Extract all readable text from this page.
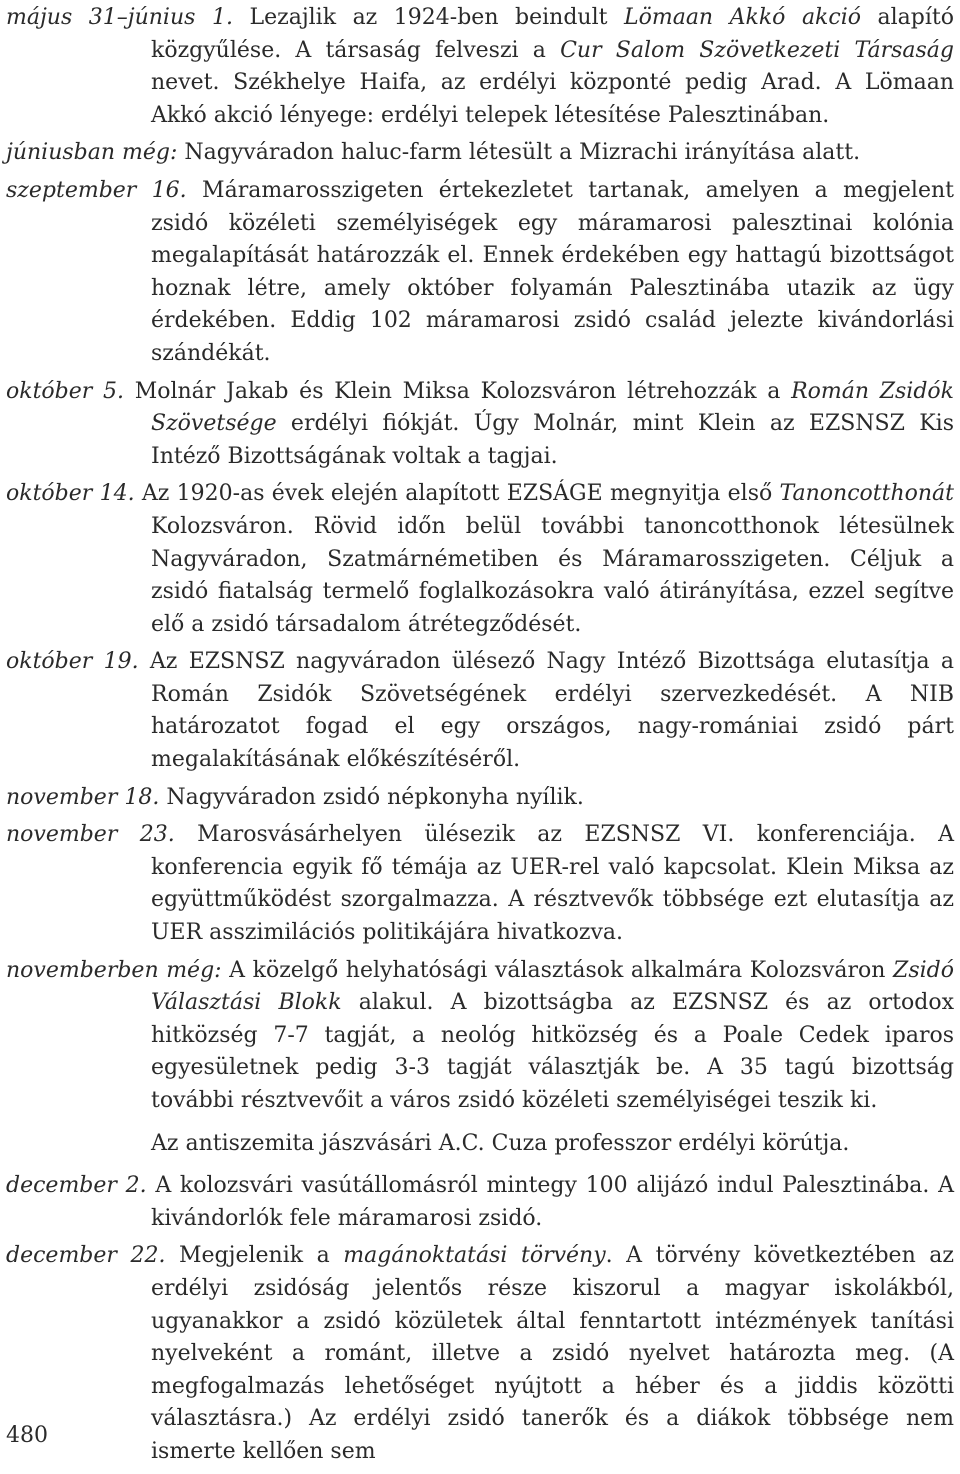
május 31–június 1. Lezajlik az 1924-ben beindult Lömaan Akkó akció alapító közgyűlése. A társaság felveszi a Cur Salom Szövetkezeti Társaság nevet. Székhelye Haifa, az erdélyi központé pedig Arad. A Lömaan Akkó akció lényege: erdélyi telepek létesítése Palesztinában.

júniusban még: Nagyváradon haluc-farm létesült a Mizrachi irányítása alatt.

szeptember 16. Máramarosszigeten értekezletet tartanak, amelyen a megjelent zsidó közéleti személyiségek egy máramarosi palesztinai kolónia megalapítását határozzák el. Ennek érdekében egy hattagú bizottságot hoznak létre, amely október folyamán Palesztinába utazik az ügy érdekében. Eddig 102 máramarosi zsidó család jelezte kivándorlási szándékát.

október 5. Molnár Jakab és Klein Miksa Kolozsváron létrehozzák a Román Zsidók Szövetsége erdélyi fiókját. Úgy Molnár, mint Klein az EZSNSZ Kis Intéző Bizottságának voltak a tagjai.

október 14. Az 1920-as évek elején alapított EZSÁGE megnyitja első Tanoncotthonát Kolozsváron. Rövid időn belül további tanoncotthonok létesülnek Nagyváradon, Szatmárnémetiben és Máramarosszigeten. Céljuk a zsidó fiatalság termelő foglalkozásokra való átirányítása, ezzel segítve elő a zsidó társadalom átrétegződését.

október 19. Az EZSNSZ nagyváradon ülésező Nagy Intéző Bizottsága elutasítja a Román Zsidók Szövetségének erdélyi szervezkedését. A NIB határozatot fogad el egy országos, nagy-romániai zsidó párt megalakításának előkészítéséről.

november 18. Nagyváradon zsidó népkonyha nyílik.

november 23. Marosvásárhelyen ülésezik az EZSNSZ VI. konferenciája. A konferencia egyik fő témája az UER-rel való kapcsolat. Klein Miksa az együttműködést szorgalmazza. A résztvevők többsége ezt elutasítja az UER asszimilációs politikájára hivatkozva.

novemberben még: A közelgő helyhatósági választások alkalmára Kolozsváron Zsidó Választási Blokk alakul. A bizottságba az EZSNSZ és az ortodox hitközség 7-7 tagját, a neológ hitközség és a Poale Cedek iparos egyesületnek pedig 3-3 tagját választják be. A 35 tagú bizottság további résztvevőit a város zsidó közéleti személyiségei teszik ki.

Az antiszemita jászvásári A.C. Cuza professzor erdélyi körútja.

december 2. A kolozsvári vasútállomásról mintegy 100 alijázó indul Palesztinába. A kivándorlók fele máramarosi zsidó.

december 22. Megjelenik a magánoktatási törvény. A törvény következtében az erdélyi zsidóság jelentős része kiszorul a magyar iskolákból, ugyanakkor a zsidó közületek által fenntartott intézmények tanítási nyelveként a románt, illetve a zsidó nyelvet határozta meg. (A megfogalmazás lehetőséget nyújtott a héber és a jiddis közötti választásra.) Az erdélyi zsidó tanerők és a diákok többsége nem ismerte kellően sem

480
